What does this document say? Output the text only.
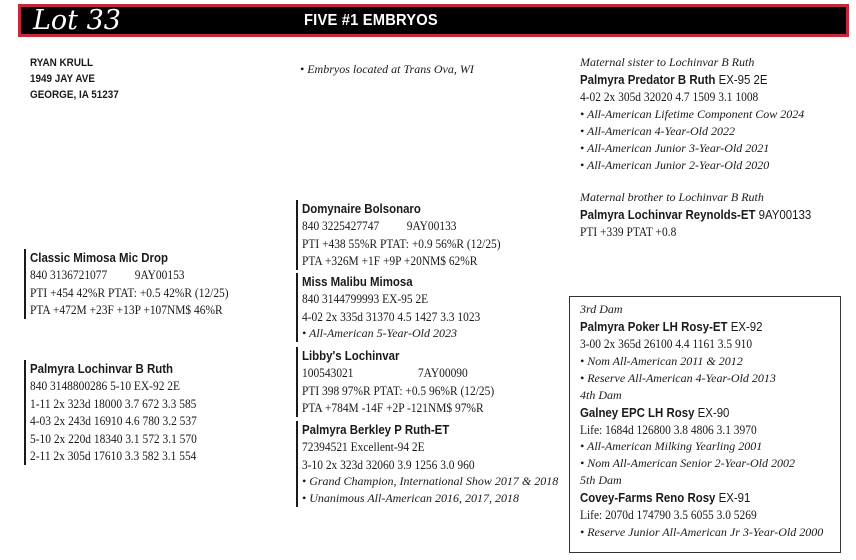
Lot 33	FIVE #1 EMBRYOS
RYAN KRULL
1949 JAY AVE
GEORGE, IA 51237
• Embryos located at Trans Ova, WI
Classic Mimosa Mic Drop
840 3136721077 9AY00153
PTI +454 42%R PTAT: +0.5 42%R (12/25)
PTA +472M +23F +13P +107NM$ 46%R
Palmyra Lochinvar B Ruth
840 3148800286 5-10 EX-92 2E
1-11 2x 323d 18000 3.7 672 3.3 585
4-03 2x 243d 16910 4.6 780 3.2 537
5-10 2x 220d 18340 3.1 572 3.1 570
2-11 2x 305d 17610 3.3 582 3.1 554
Domynaire Bolsonaro
840 3225427747 9AY00133
PTI +438 55%R PTAT: +0.9 56%R (12/25)
PTA +326M +1F +9P +20NM$ 62%R
Miss Malibu Mimosa
840 3144799993 EX-95 2E
4-02 2x 335d 31370 4.5 1427 3.3 1023
• All-American 5-Year-Old 2023
Libby's Lochinvar
100543021	7AY00090
PTI 398 97%R PTAT: +0.5 96%R (12/25)
PTA +784M -14F +2P -121NM$ 97%R
Palmyra Berkley P Ruth-ET
72394521 Excellent-94 2E
3-10 2x 323d 32060 3.9 1256 3.0 960
• Grand Champion, International Show 2017 & 2018
• Unanimous All-American 2016, 2017, 2018
Maternal sister to Lochinvar B Ruth
Palmyra Predator B Ruth EX-95 2E
4-02 2x 305d 32020 4.7 1509 3.1 1008
• All-American Lifetime Component Cow 2024
• All-American 4-Year-Old 2022
• All-American Junior 3-Year-Old 2021
• All-American Junior 2-Year-Old 2020
Maternal brother to Lochinvar B Ruth
Palmyra Lochinvar Reynolds-ET 9AY00133
PTI +339 PTAT +0.8
3rd Dam
Palmyra Poker LH Rosy-ET EX-92
3-00 2x 365d 26100 4.4 1161 3.5 910
• Nom All-American 2011 & 2012
• Reserve All-American 4-Year-Old 2013
4th Dam
Galney EPC LH Rosy EX-90
Life: 1684d 126800 3.8 4806 3.1 3970
• All-American Milking Yearling 2001
• Nom All-American Senior 2-Year-Old 2002
5th Dam
Covey-Farms Reno Rosy EX-91
Life: 2070d 174790 3.5 6055 3.0 5269
• Reserve Junior All-American Jr 3-Year-Old 2000
